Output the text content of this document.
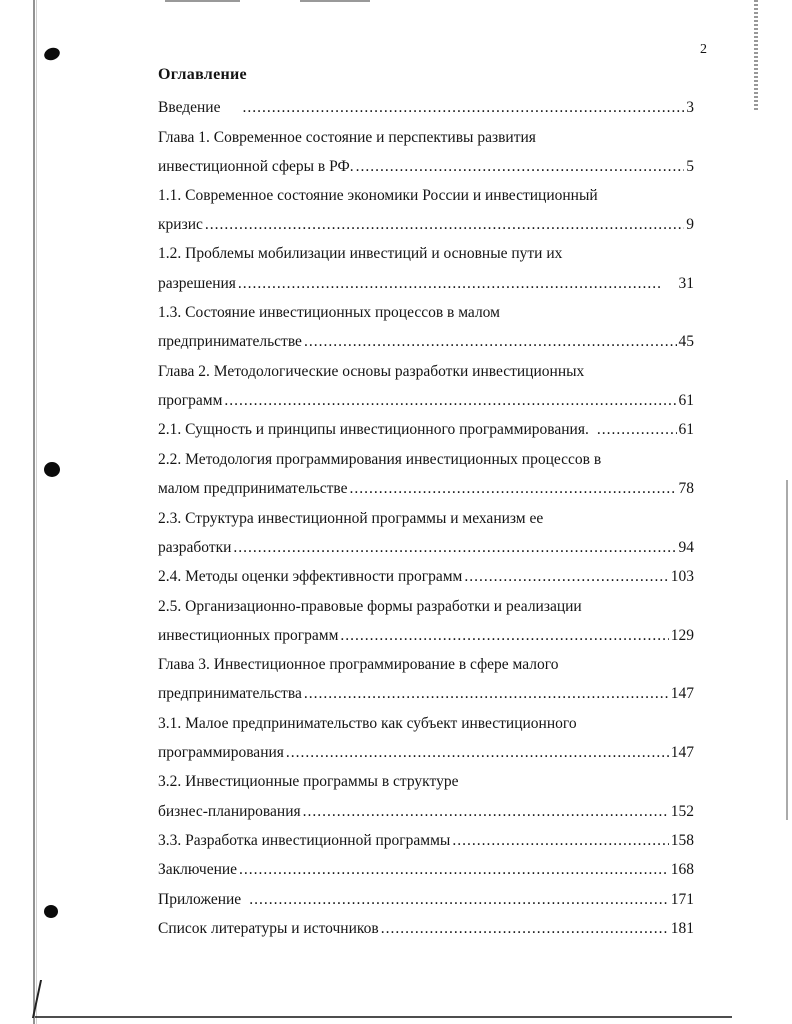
2
Оглавление
Введение .....	3
Глава 1. Современное состояние и перспективы развития
инвестиционной сферы в РФ. .....	5
1.1. Современное состояние экономики России и инвестиционный
кризис .....	9
1.2. Проблемы мобилизации инвестиций и основные пути их
разрешения .....	31
1.3. Состояние инвестиционных процессов в малом
предпринимательстве .....	45
Глава 2. Методологические основы разработки инвестиционных
программ .....	61
2.1. Сущность и принципы инвестиционного программирования. .....	61
2.2. Методология программирования инвестиционных процессов в
малом предпринимательстве .....	78
2.3. Структура инвестиционной программы и механизм ее
разработки .....	94
2.4. Методы оценки эффективности программ .....	103
2.5. Организационно-правовые формы разработки и реализации
инвестиционных программ .....	129
Глава 3. Инвестиционное программирование в сфере малого
предпринимательства .....	147
3.1. Малое предпринимательство как субъект инвестиционного
программирования .....	147
3.2. Инвестиционные программы в структуре
бизнес-планирования .....	152
3.3. Разработка инвестиционной программы .....	158
Заключение .....	168
Приложение .....	171
Список литературы и источников .....	181
